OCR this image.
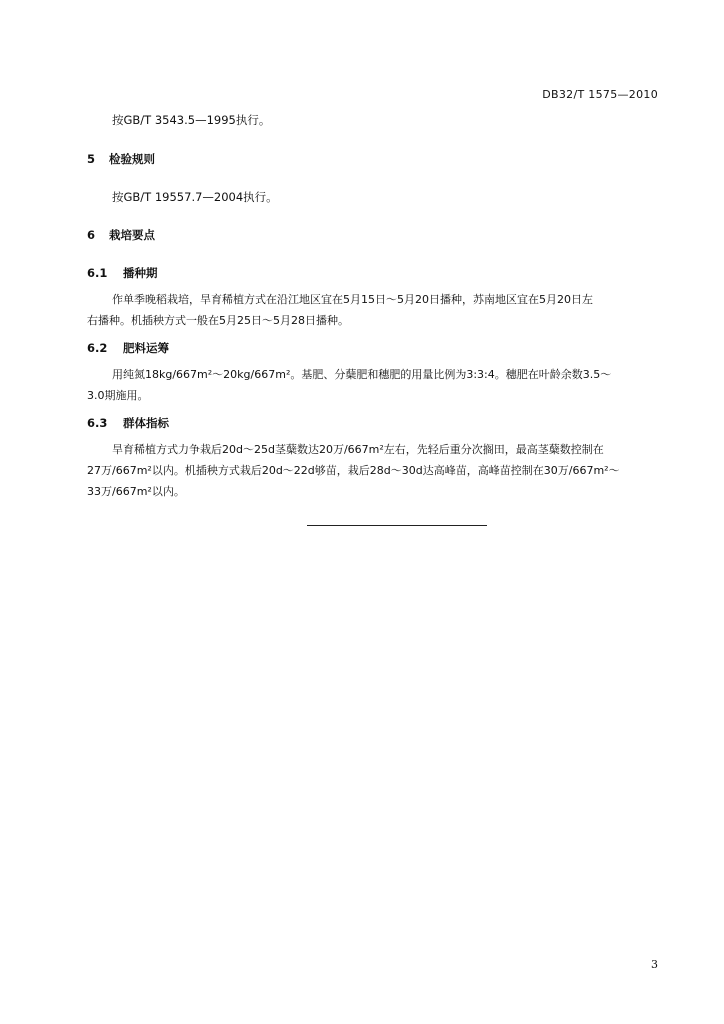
DB32/T 1575—2010
按GB/T 3543.5—1995执行。
5 检验规则
按GB/T 19557.7—2004执行。
6 栽培要点
6.1 播种期
作单季晚稻栽培，旱育稀植方式在沿江地区宜在5月15日～5月20日播种，苏南地区宜在5月20日左
右播种。机插秧方式一般在5月25日～5月28日播种。
6.2 肥料运筹
用纯氮18kg/667m²～20kg/667m²。基肥、分蘖肥和穗肥的用量比例为3:3:4。穗肥在叶龄余数3.5～
3.0期施用。
6.3 群体指标
旱育稀植方式力争栽后20d～25d茎蘖数达20万/667m²左右，先轻后重分次搁田，最高茎蘖数控制在
27万/667m²以内。机插秧方式栽后20d～22d够苗，栽后28d～30d达高峰苗，高峰苗控制在30万/667m²～
33万/667m²以内。
3
